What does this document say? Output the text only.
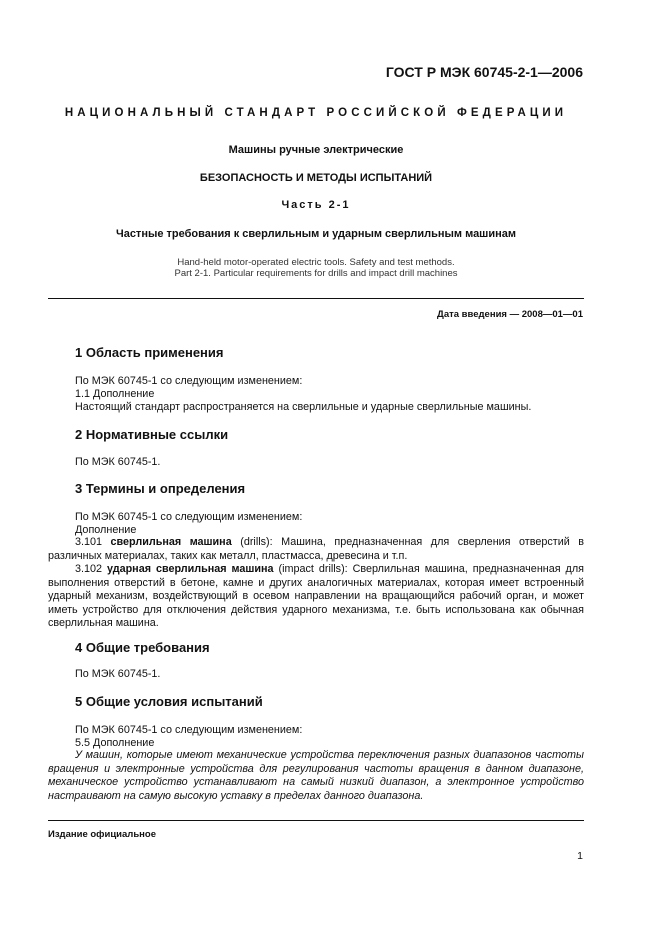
ГОСТ Р МЭК 60745-2-1—2006
НАЦИОНАЛЬНЫЙ СТАНДАРТ РОССИЙСКОЙ ФЕДЕРАЦИИ
Машины ручные электрические
БЕЗОПАСНОСТЬ И МЕТОДЫ ИСПЫТАНИЙ
Часть 2-1
Частные требования к сверлильным и ударным сверлильным машинам
Hand-held motor-operated electric tools. Safety and test methods.
Part 2-1. Particular requirements for drills and impact drill machines
Дата введения — 2008—01—01
1 Область применения
По МЭК 60745-1 со следующим изменением:
1.1 Дополнение
Настоящий стандарт распространяется на сверлильные и ударные сверлильные машины.
2 Нормативные ссылки
По МЭК 60745-1.
3 Термины и определения
По МЭК 60745-1 со следующим изменением:
Дополнение
3.101 сверлильная машина (drills): Машина, предназначенная для сверления отверстий в различных материалах, таких как металл, пластмасса, древесина и т.п.
3.102 ударная сверлильная машина (impact drills): Сверлильная машина, предназначенная для выполнения отверстий в бетоне, камне и других аналогичных материалах, которая имеет встроенный ударный механизм, воздействующий в осевом направлении на вращающийся рабочий орган, и может иметь устройство для отключения действия ударного механизма, т.е. быть использована как обычная сверлильная машина.
4 Общие требования
По МЭК 60745-1.
5 Общие условия испытаний
По МЭК 60745-1 со следующим изменением:
5.5 Дополнение
У машин, которые имеют механические устройства переключения разных диапазонов частоты вращения и электронные устройства для регулирования частоты вращения в данном диапазоне, механическое устройство устанавливают на самый низкий диапазон, а электронное устройство настраивают на самую высокую уставку в пределах данного диапазона.
Издание официальное
1
